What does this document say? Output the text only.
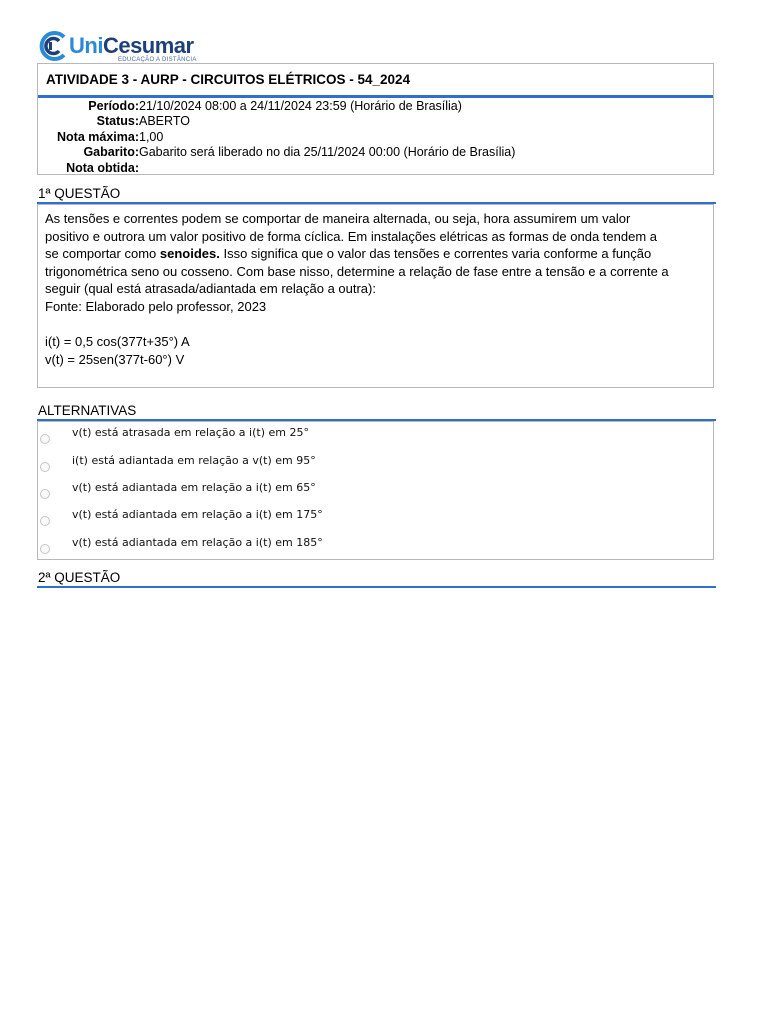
UniCesumar
EDUCAÇÃO A DISTÂNCIA
ATIVIDADE 3 - AURP - CIRCUITOS ELÉTRICOS - 54_2024
Período:21/10/2024 08:00 a 24/11/2024 23:59 (Horário de Brasília)
Status:ABERTO
Nota máxima:1,00
Gabarito:Gabarito será liberado no dia 25/11/2024 00:00 (Horário de Brasília)
Nota obtida:
1ª QUESTÃO
As tensões e correntes podem se comportar de maneira alternada, ou seja, hora assumirem um valor
positivo e outrora um valor positivo de forma cíclica. Em instalações elétricas as formas de onda tendem a
se comportar como senoides. Isso significa que o valor das tensões e correntes varia conforme a função
trigonométrica seno ou cosseno. Com base nisso, determine a relação de fase entre a tensão e a corrente a
seguir (qual está atrasada/adiantada em relação a outra):
Fonte: Elaborado pelo professor, 2023
i(t) = 0,5 cos(377t+35°) A
v(t) = 25sen(377t-60°) V
ALTERNATIVAS
v(t) está atrasada em relação a i(t) em 25°
i(t) está adiantada em relação a v(t) em 95°
v(t) está adiantada em relação a i(t) em 65°
v(t) está adiantada em relação a i(t) em 175°
v(t) está adiantada em relação a i(t) em 185°
2ª QUESTÃO
